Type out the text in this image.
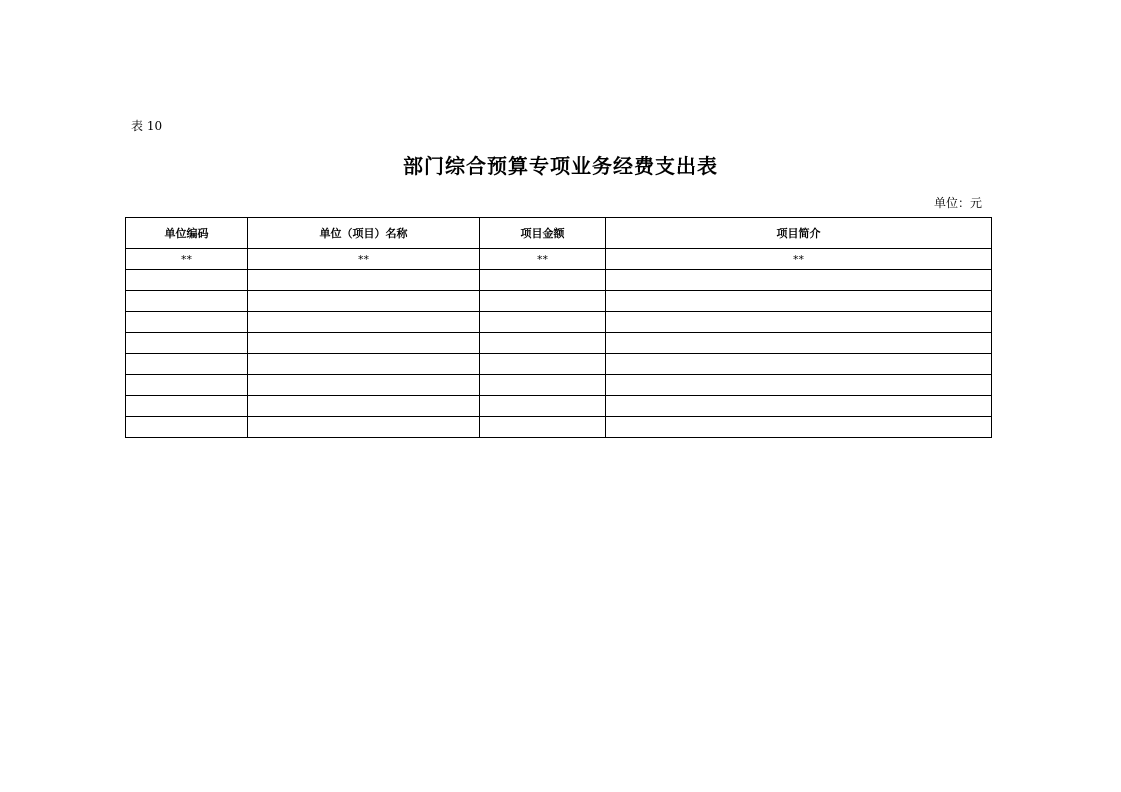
表 10
部门综合预算专项业务经费支出表
单位：元
单位编码	单位（项目）名称	项目金额	项目简介
**	**	**	**
